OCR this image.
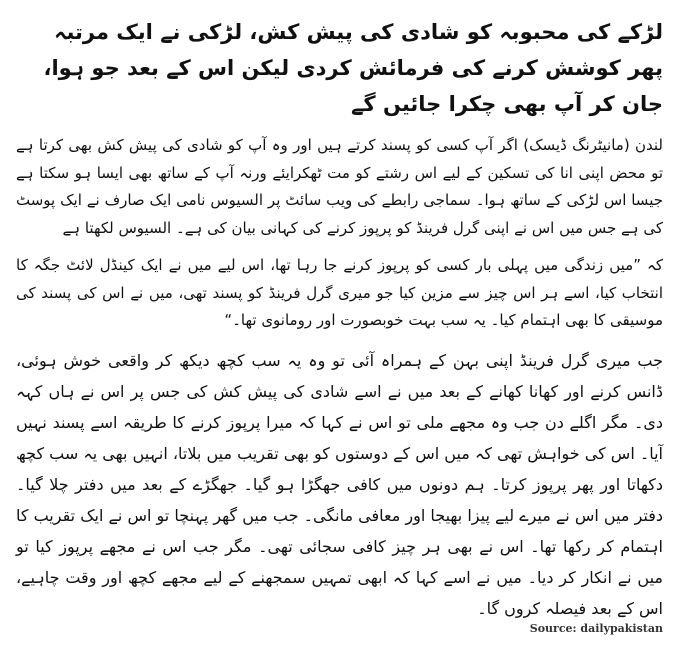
لڑکے کی محبوبہ کو شادی کی پیش کش، لڑکی نے ایک مرتبہ پھر کوشش کرنے کی فرمائش کردی لیکن اس کے بعد جو ہوا، جان کر آپ بھی چکرا جائیں گے

لندن (مانیٹرنگ ڈیسک) اگر آپ کسی کو پسند کرتے ہیں اور وہ آپ کو شادی کی پیش کش بھی کرتا ہے تو محض اپنی انا کی تسکین کے لیے اس رشتے کو مت ٹھکرایئے ورنہ آپ کے ساتھ بھی ایسا ہو سکتا ہے جیسا اس لڑکی کے ساتھ ہوا۔ سماجی رابطے کی ویب سائٹ پر السیوس نامی ایک صارف نے ایک پوسٹ کی ہے جس میں اس نے اپنی گرل فرینڈ کو پرپوز کرنے کی کہانی بیان کی ہے۔ السیوس لکھتا ہے

کہ ”میں زندگی میں پہلی بار کسی کو پرپوز کرنے جا رہا تھا، اس لیے میں نے ایک کینڈل لائٹ جگہ کا انتخاب کیا، اسے ہر اس چیز سے مزین کیا جو میری گرل فرینڈ کو پسند تھی، میں نے اس کی پسند کی موسیقی کا بھی اہتمام کیا۔ یہ سب بہت خوبصورت اور رومانوی تھا۔“

جب میری گرل فرینڈ اپنی بہن کے ہمراہ آئی تو وہ یہ سب کچھ دیکھ کر واقعی خوش ہوئی، ڈانس کرنے اور کھانا کھانے کے بعد میں نے اسے شادی کی پیش کش کی جس پر اس نے ہاں کہہ دی۔ مگر اگلے دن جب وہ مجھے ملی تو اس نے کہا کہ میرا پرپوز کرنے کا طریقہ اسے پسند نہیں آیا۔ اس کی خواہش تھی کہ میں اس کے دوستوں کو بھی تقریب میں بلاتا، انہیں بھی یہ سب کچھ دکھاتا اور پھر پرپوز کرتا۔ ہم دونوں میں کافی جھگڑا ہو گیا۔ جھگڑے کے بعد میں دفتر چلا گیا۔ دفتر میں اس نے میرے لیے پیزا بھیجا اور معافی مانگی۔ جب میں گھر پہنچا تو اس نے ایک تقریب کا اہتمام کر رکھا تھا۔ اس نے بھی ہر چیز کافی سجائی تھی۔ مگر جب اس نے مجھے پرپوز کیا تو میں نے انکار کر دیا۔ میں نے اسے کہا کہ ابھی تمہیں سمجھنے کے لیے مجھے کچھ اور وقت چاہیے، اس کے بعد فیصلہ کروں گا۔

Source: dailypakistan
